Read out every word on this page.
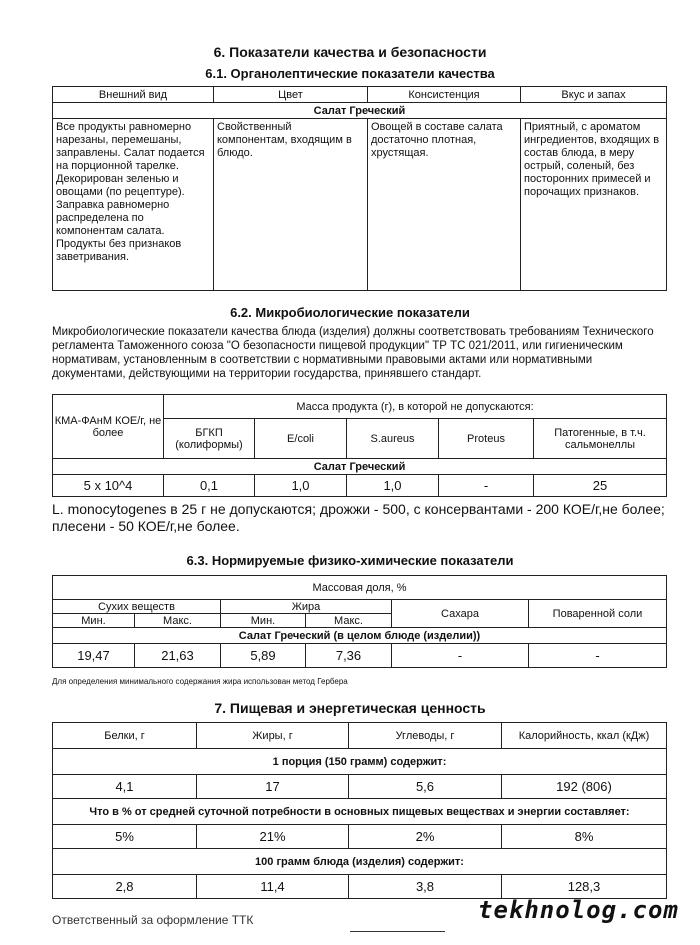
6. Показатели качества и безопасности
6.1. Органолептические показатели качества
Внешний вид	Цвет	Консистенция	Вкус и запах
Салат Греческий			
Все продукты равномерно нарезаны, перемешаны, заправлены. Салат подается на порционной тарелке. Декорирован зеленью и овощами (по рецептуре). Заправка равномерно распределена по компонентам салата. Продукты без признаков заветривания.	Свойственный компонентам, входящим в блюдо.	Овощей в составе салата достаточно плотная, хрустящая.	Приятный, с ароматом ингредиентов, входящих в состав блюда, в меру острый, соленый, без посторонних примесей и порочащих признаков.
6.2. Микробиологические показатели
Микробиологические показатели качества блюда (изделия) должны соответствовать требованиям Технического регламента Таможенного союза "О безопасности пищевой продукции" ТР ТС 021/2011, или гигиеническим нормативам, установленным в соответствии с нормативными правовыми актами или нормативными документами, действующими на территории государства, принявшего стандарт.
КМА-ФАнМ КОЕ/г, не более	Масса продукта (г), в которой не допускаются:				
	БГКП (колиформы)	E/coli	S.aureus	Proteus	Патогенные, в т.ч. сальмонеллы
Салат Греческий					
5 x 10^4	0,1	1,0	1,0	-	25
L. monocytogenes в 25 г не допускаются; дрожжи - 500, с консервантами - 200 КОЕ/г,не более; плесени - 50 КОЕ/г,не более.
6.3. Нормируемые физико-химические показатели
Массовая доля, %					
Сухих веществ		Жира		Сахара	Поваренной соли
Мин.	Макс.	Мин.	Макс.		
Салат Греческий (в целом блюде (изделии))					
19,47	21,63	5,89	7,36	-	-
Для определения минимального содержания жира использован метод Гербера
7. Пищевая и энергетическая ценность
Белки, г	Жиры, г	Углеводы, г	Калорийность, ккал (кДж)
1 порция (150 грамм) содержит:			
4,1	17	5,6	192 (806)
Что в % от средней суточной потребности в основных пищевых веществах и энергии составляет:			
5%	21%	2%	8%
100 грамм блюда (изделия) содержит:			
2,8	11,4	3,8	128,3
Ответственный за оформление ТТК	tekhnolog.com
